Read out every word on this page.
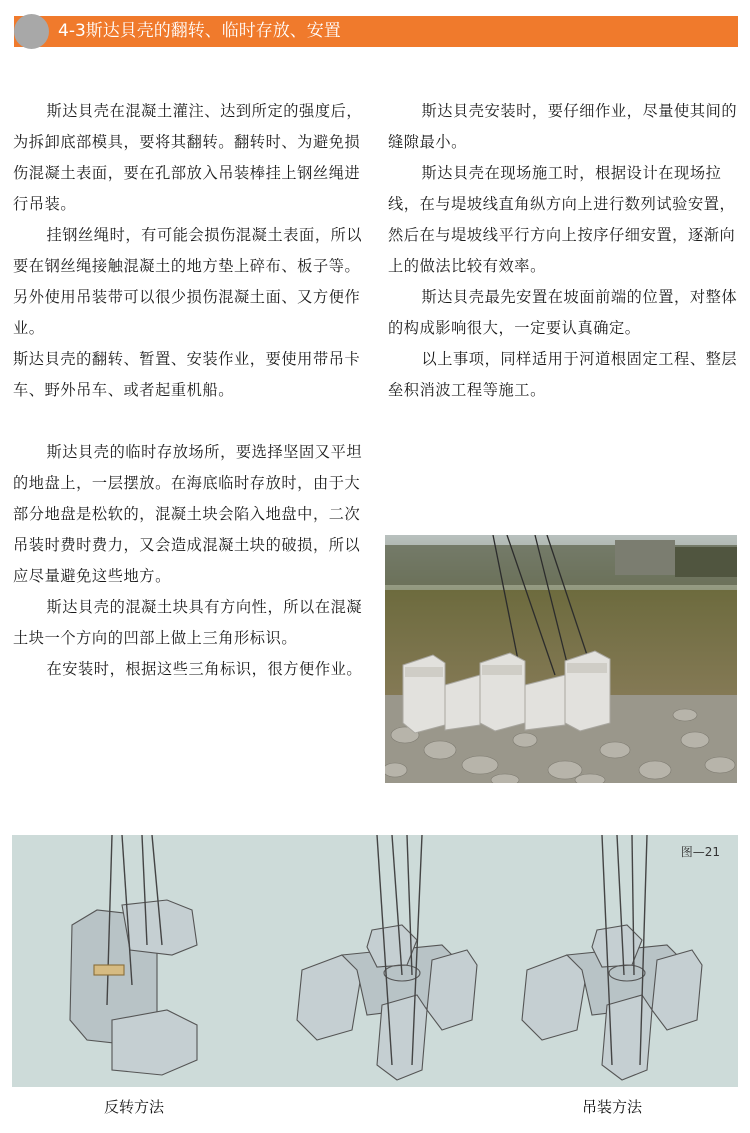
4-3斯达貝壳的翻转、临时存放、安置

斯达貝壳在混凝土灌注、达到所定的强度后，为拆卸底部模具，要将其翻转。翻转时、为避免损伤混凝土表面，要在孔部放入吊装棒挂上钢丝绳进行吊装。

挂钢丝绳时，有可能会损伤混凝土表面，所以要在钢丝绳接触混凝土的地方垫上碎布、板子等。另外使用吊装带可以很少损伤混凝土面、又方便作业。

斯达貝壳的翻转、暂置、安装作业，要使用带吊卡车、野外吊车、或者起重机船。

斯达貝壳的临时存放场所，要选择坚固又平坦的地盘上，一层摆放。在海底临时存放时，由于大部分地盘是松软的，混凝土块会陷入地盘中，二次吊装时费时费力，又会造成混凝土块的破损，所以应尽量避免这些地方。

斯达貝壳的混凝土块具有方向性，所以在混凝土块一个方向的凹部上做上三角形标识。

在安装时，根据这些三角标识，很方便作业。

斯达貝壳安装时，要仔细作业，尽量使其间的缝隙最小。

斯达貝壳在现场施工时，根据设计在现场拉线，在与堤坡线直角纵方向上进行数列试验安置，然后在与堤坡线平行方向上按序仔细安置，逐渐向上的做法比较有效率。

斯达貝壳最先安置在坡面前端的位置，对整体的构成影响很大，一定要认真确定。

以上事项，同样适用于河道根固定工程、整层垒积消波工程等施工。

图—21
反转方法	吊装方法
